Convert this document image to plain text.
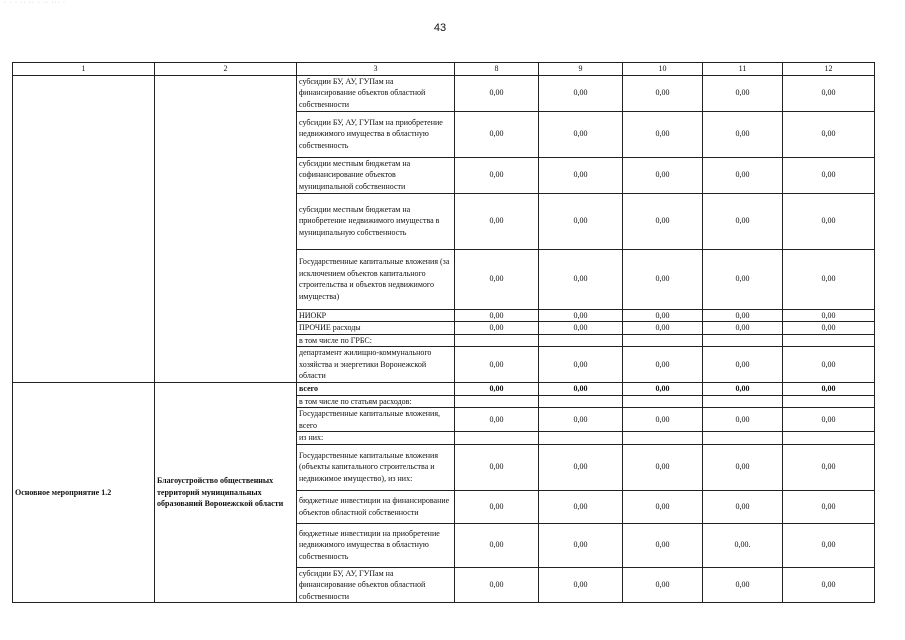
· · · ·· ·· · ·· ··· ·
43
1	2	3	8	9	10	11	12
		субсидии БУ, АУ, ГУПам на финансирование объектов областной собственности	0,00	0,00	0,00	0,00	0,00
		субсидии БУ, АУ, ГУПам на приобретение недвижимого имущества в областную собственность	0,00	0,00	0,00	0,00	0,00
		субсидии местным бюджетам на софинансирование объектов муниципальной собственности	0,00	0,00	0,00	0,00	0,00
		субсидии местным бюджетам на приобретение недвижимого имущества в муниципальную собственность	0,00	0,00	0,00	0,00	0,00
		Государственные капитальные вложения (за исключением объектов капитального строительства и объектов недвижимого имущества)	0,00	0,00	0,00	0,00	0,00
		НИОКР	0,00	0,00	0,00	0,00	0,00
		ПРОЧИЕ расходы	0,00	0,00	0,00	0,00	0,00
		в том числе по ГРБС:					
		департамент жилищно-коммунального хозяйства и энергетики Воронежской области	0,00	0,00	0,00	0,00	0,00
Основное мероприятие 1.2	Благоустройство общественных территорий муниципальных образований Воронежской области	всего	0,00	0,00	0,00	0,00	0,00
		в том числе по статьям расходов:					
		Государственные капитальные вложения, всего	0,00	0,00	0,00	0,00	0,00
		из них:					
		Государственные капитальные вложения (объекты капитального строительства и недвижимое имущество), из них:	0,00	0,00	0,00	0,00	0,00
		бюджетные инвестиции на финансирование объектов областной собственности	0,00	0,00	0,00	0,00	0,00
		бюджетные инвестиции на приобретение недвижимого имущества в областную собственность	0,00	0,00	0,00	0,00.	0,00
		субсидии БУ, АУ, ГУПам на финансирование объектов областной собственности	0,00	0,00	0,00	0,00	0,00
